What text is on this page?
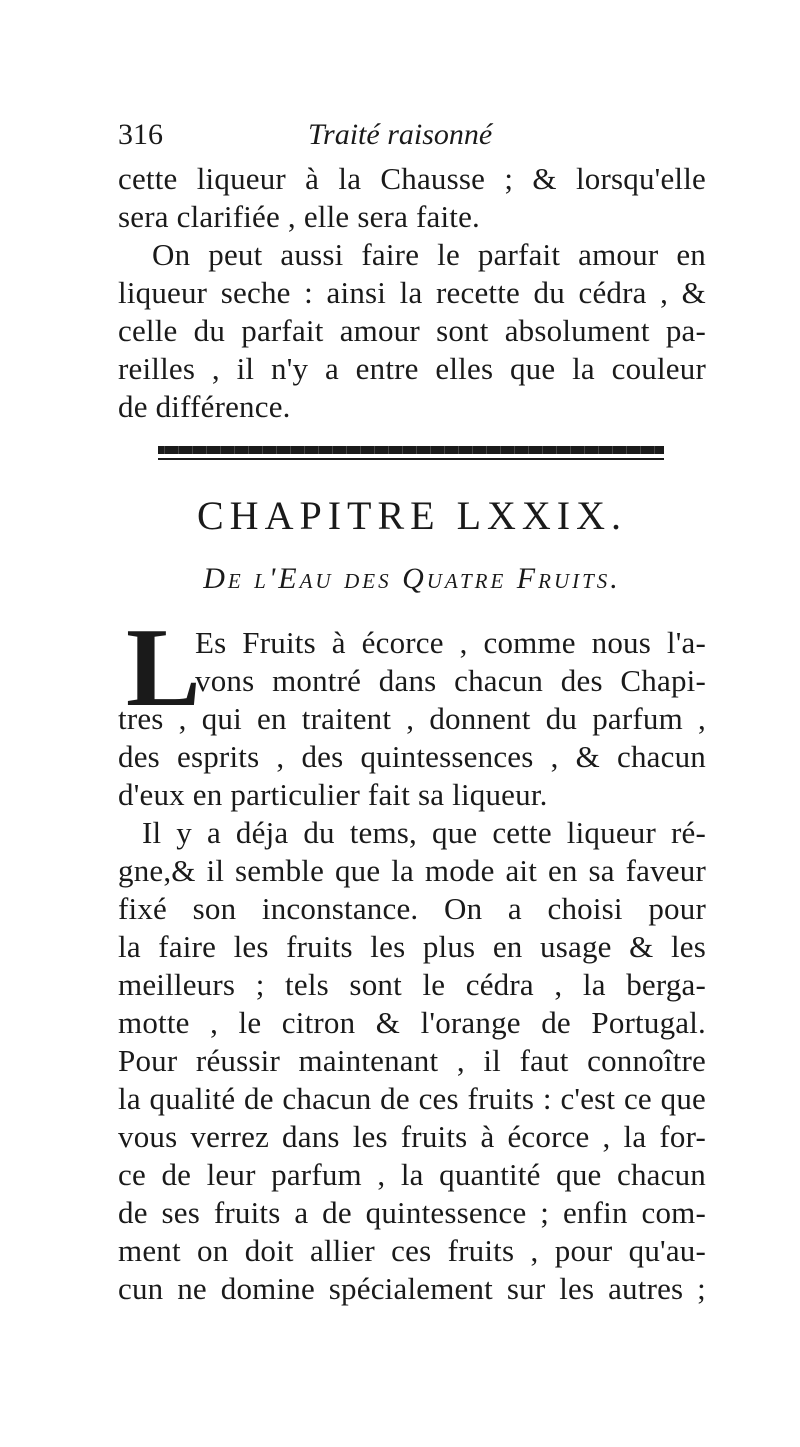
316	Traité raisonné
cette liqueur à la Chausse ; & lorsqu'elle
sera clarifiée , elle sera faite.
On peut aussi faire le parfait amour en
liqueur seche : ainsi la recette du cédra , &
celle du parfait amour sont absolument pa-
reilles , il n'y a entre elles que la couleur
de différence.
CHAPITRE LXXIX.
De l'Eau des Quatre Fruits.
L
Es Fruits à écorce , comme nous l'a-
vons montré dans chacun des Chapi-
tres , qui en traitent , donnent du parfum ,
des esprits , des quintessences , & chacun
d'eux en particulier fait sa liqueur.
Il y a déja du tems, que cette liqueur ré-
gne,& il semble que la mode ait en sa faveur
fixé son inconstance. On a choisi pour
la faire les fruits les plus en usage & les
meilleurs ; tels sont le cédra , la berga-
motte , le citron & l'orange de Portugal.
Pour réussir maintenant , il faut connoître
la qualité de chacun de ces fruits : c'est ce que
vous verrez dans les fruits à écorce , la for-
ce de leur parfum , la quantité que chacun
de ses fruits a de quintessence ; enfin com-
ment on doit allier ces fruits , pour qu'au-
cun ne domine spécialement sur les autres ;
